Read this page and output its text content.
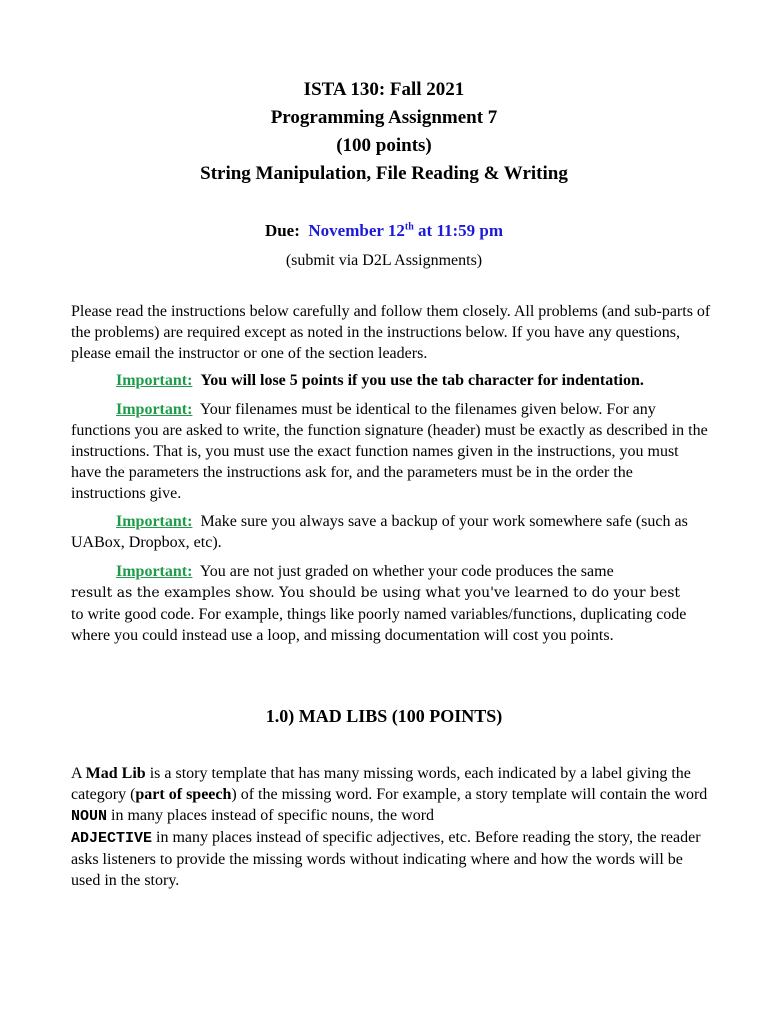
ISTA 130: Fall 2021
Programming Assignment 7
(100 points)
String Manipulation, File Reading & Writing
Due: November 12th at 11:59 pm
(submit via D2L Assignments)
Please read the instructions below carefully and follow them closely. All problems (and sub-parts of the problems) are required except as noted in the instructions below. If you have any questions, please email the instructor or one of the section leaders.
Important: You will lose 5 points if you use the tab character for indentation.
Important: Your filenames must be identical to the filenames given below. For any functions you are asked to write, the function signature (header) must be exactly as described in the instructions. That is, you must use the exact function names given in the instructions, you must have the parameters the instructions ask for, and the parameters must be in the order the instructions give.
Important: Make sure you always save a backup of your work somewhere safe (such as UABox, Dropbox, etc).
Important: You are not just graded on whether your code produces the same
result as the examples show. You should be using what you've learned to do your best
to write good code. For example, things like poorly named variables/functions, duplicating code where you could instead use a loop, and missing documentation will cost you points.
1.0) MAD LIBS (100 POINTS)
A Mad Lib is a story template that has many missing words, each indicated by a label giving the category (part of speech) of the missing word. For example, a story template will contain the word NOUN in many places instead of specific nouns, the word
ADJECTIVE in many places instead of specific adjectives, etc. Before reading the story, the reader asks listeners to provide the missing words without indicating where and how the words will be used in the story.
